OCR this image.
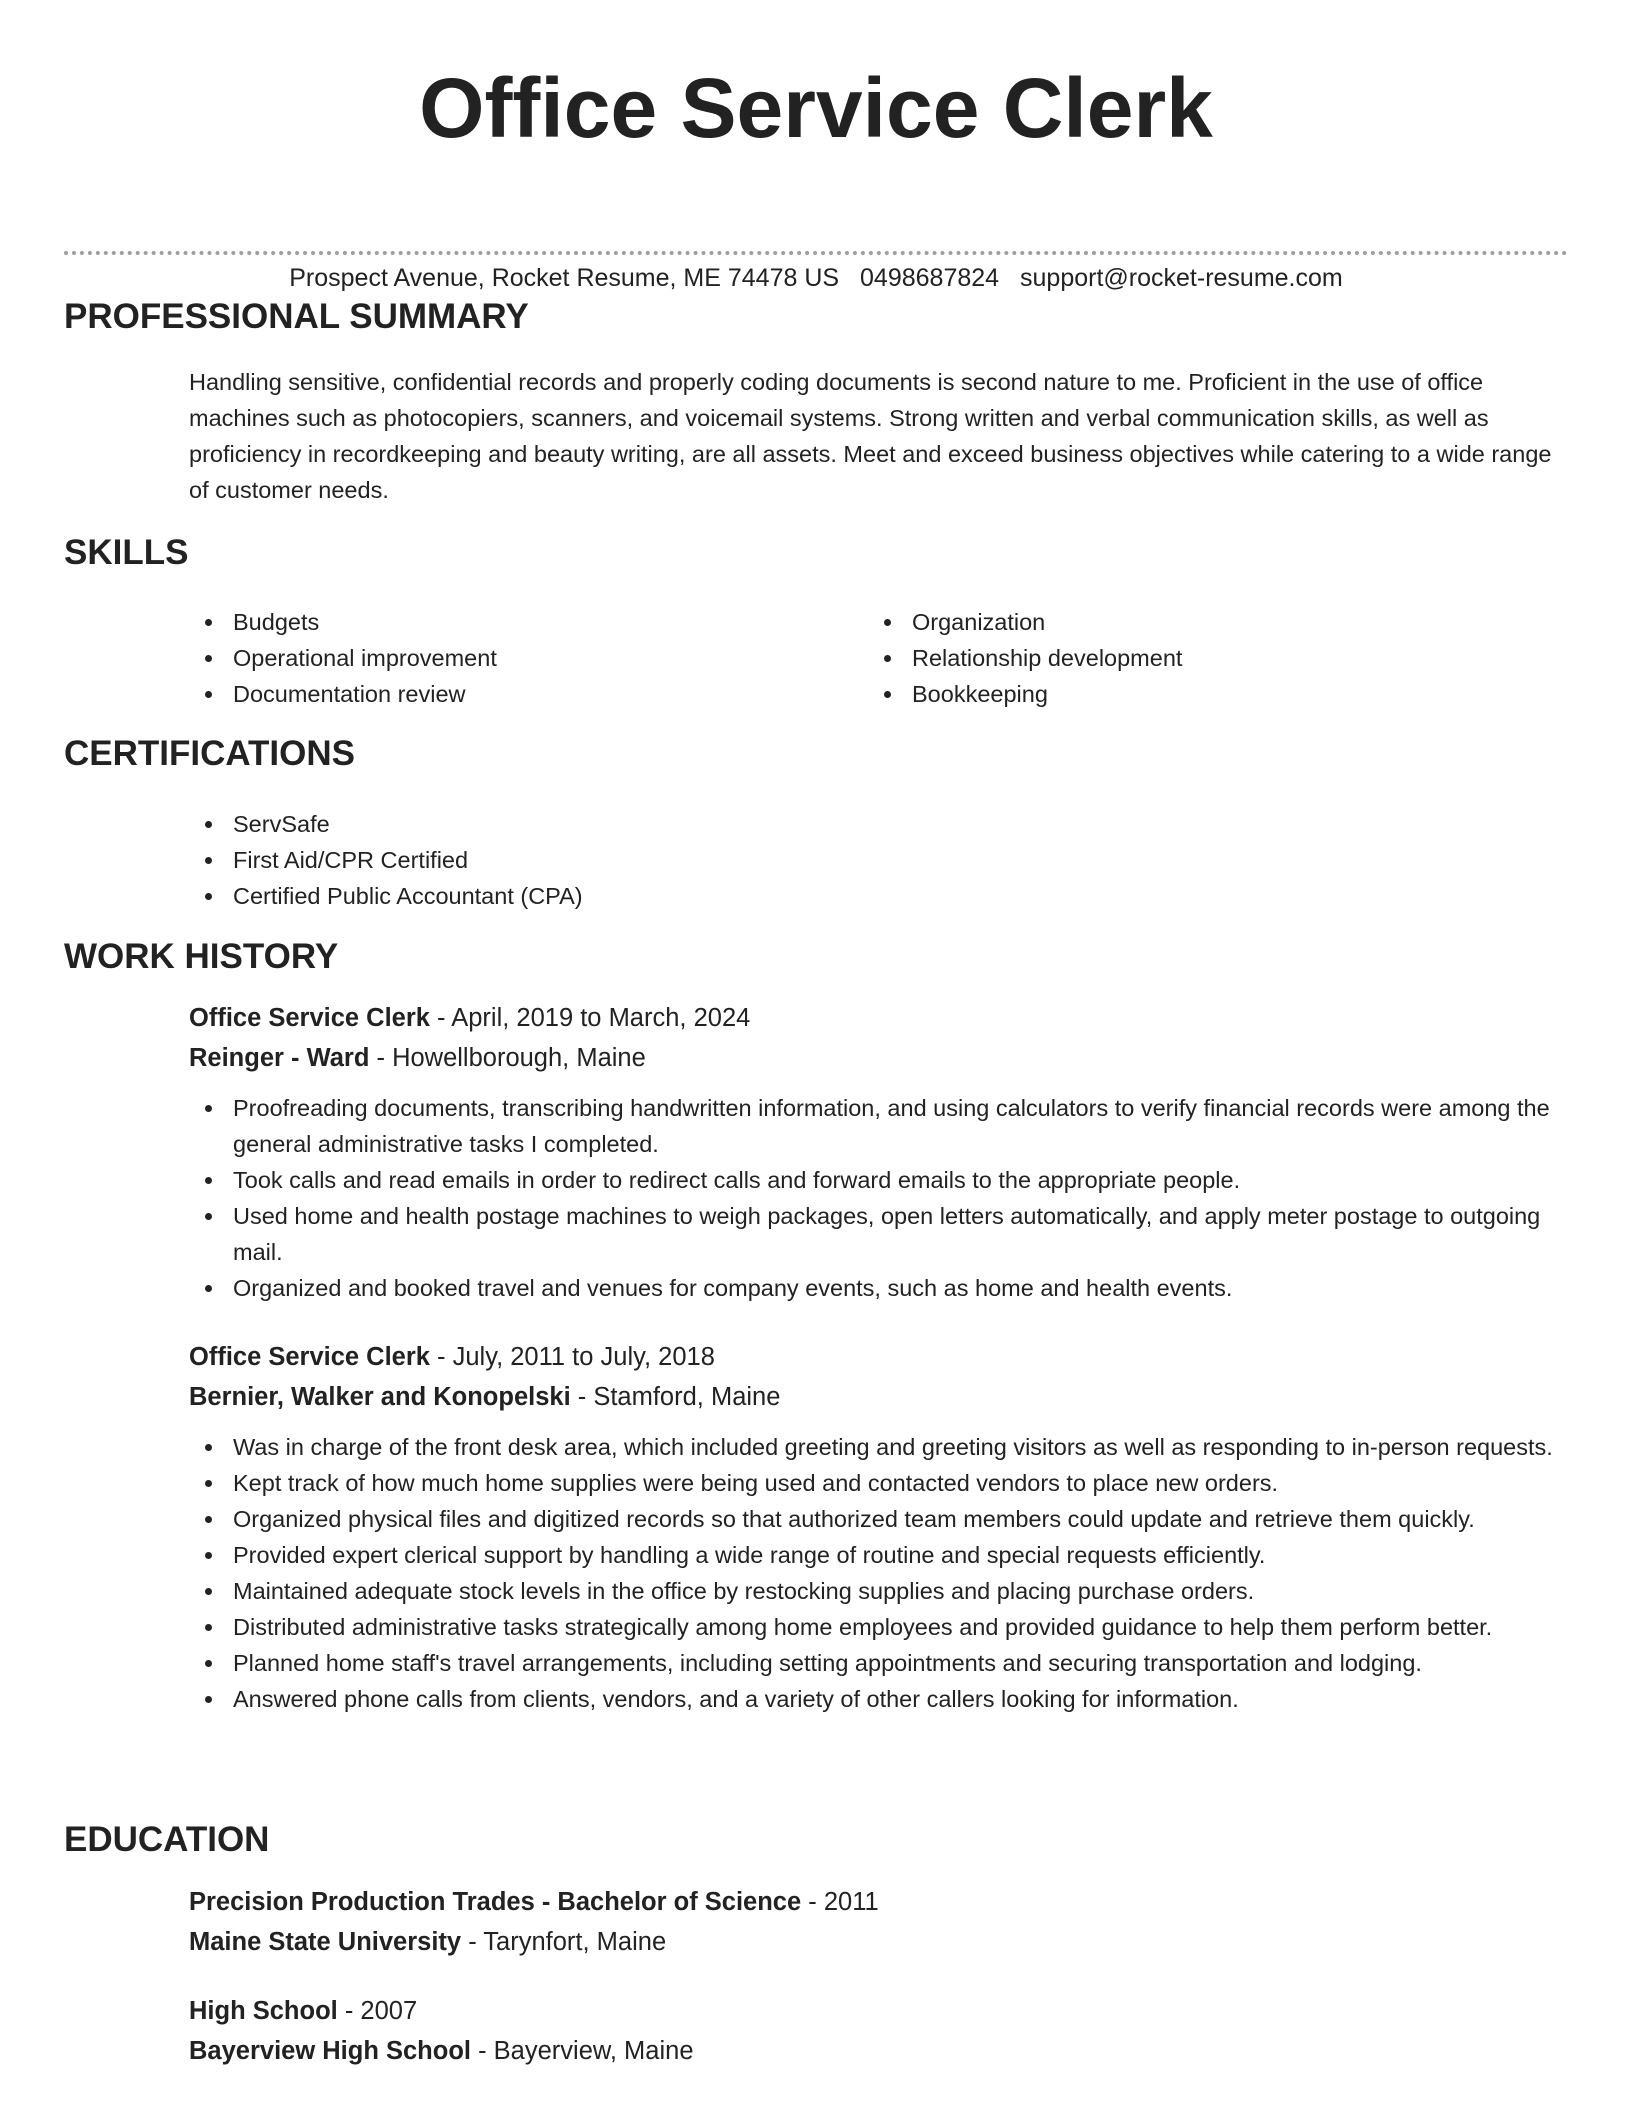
Office Service Clerk
Prospect Avenue, Rocket Resume, ME 74478 US 0498687824 support@rocket-resume.com
PROFESSIONAL SUMMARY

Handling sensitive, confidential records and properly coding documents is second nature to me. Proficient in the use of office machines such as photocopiers, scanners, and voicemail systems. Strong written and verbal communication skills, as well as proficiency in recordkeeping and beauty writing, are all assets. Meet and exceed business objectives while catering to a wide range of customer needs.

SKILLS
Budgets
Operational improvement
Documentation review
Organization
Relationship development
Bookkeeping
CERTIFICATIONS
ServSafe
First Aid/CPR Certified
Certified Public Accountant (CPA)
WORK HISTORY
Office Service Clerk - April, 2019 to March, 2024
Reinger - Ward - Howellborough, Maine
Proofreading documents, transcribing handwritten information, and using calculators to verify financial records were among the general administrative tasks I completed.
Took calls and read emails in order to redirect calls and forward emails to the appropriate people.
Used home and health postage machines to weigh packages, open letters automatically, and apply meter postage to outgoing mail.
Organized and booked travel and venues for company events, such as home and health events.
Office Service Clerk - July, 2011 to July, 2018
Bernier, Walker and Konopelski - Stamford, Maine
Was in charge of the front desk area, which included greeting and greeting visitors as well as responding to in-person requests.
Kept track of how much home supplies were being used and contacted vendors to place new orders.
Organized physical files and digitized records so that authorized team members could update and retrieve them quickly.
Provided expert clerical support by handling a wide range of routine and special requests efficiently.
Maintained adequate stock levels in the office by restocking supplies and placing purchase orders.
Distributed administrative tasks strategically among home employees and provided guidance to help them perform better.
Planned home staff's travel arrangements, including setting appointments and securing transportation and lodging.
Answered phone calls from clients, vendors, and a variety of other callers looking for information.
EDUCATION
Precision Production Trades - Bachelor of Science - 2011
Maine State University - Tarynfort, Maine
High School - 2007
Bayerview High School - Bayerview, Maine
